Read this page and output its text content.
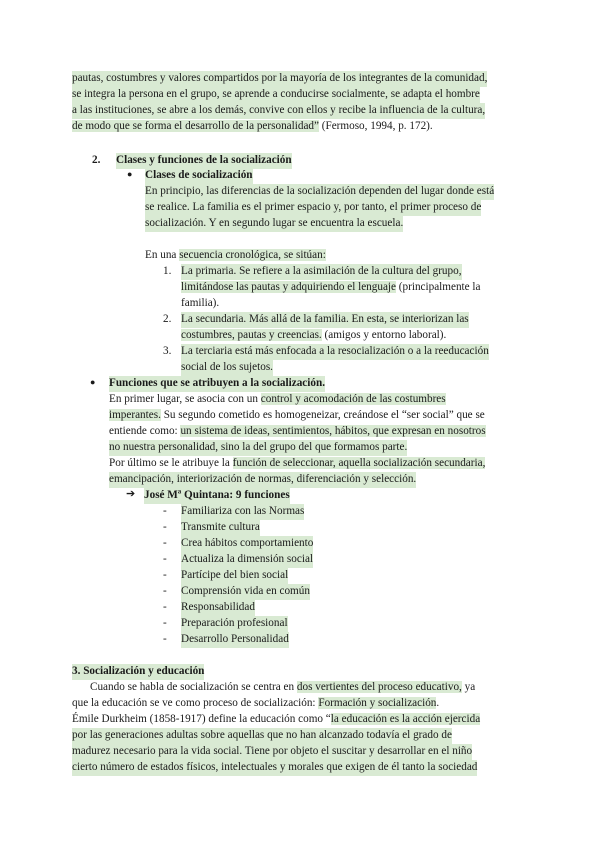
pautas, costumbres y valores compartidos por la mayoría de los integrantes de la comunidad,
se integra la persona en el grupo, se aprende a conducirse socialmente, se adapta el hombre
a las instituciones, se abre a los demás, convive con ellos y recibe la influencia de la cultura,
de modo que se forma el desarrollo de la personalidad” (Fermoso, 1994, p. 172).
2. Clases y funciones de la socialización
● Clases de socialización
En principio, las diferencias de la socialización dependen del lugar donde está
se realice. La familia es el primer espacio y, por tanto, el primer proceso de
socialización. Y en segundo lugar se encuentra la escuela.
En una secuencia cronológica, se sitúan:
1. La primaria. Se refiere a la asimilación de la cultura del grupo,
limitándose las pautas y adquiriendo el lenguaje (principalmente la
familia).
2. La secundaria. Más allá de la familia. En esta, se interiorizan las
costumbres, pautas y creencias. (amigos y entorno laboral).
3. La terciaria está más enfocada a la resocialización o a la reeducación
social de los sujetos.
● Funciones que se atribuyen a la socialización.
En primer lugar, se asocia con un control y acomodación de las costumbres
imperantes. Su segundo cometido es homogeneizar, creándose el “ser social” que se
entiende como: un sistema de ideas, sentimientos, hábitos, que expresan en nosotros
no nuestra personalidad, sino la del grupo del que formamos parte.
Por último se le atribuye la función de seleccionar, aquella socialización secundaria,
emancipación, interiorización de normas, diferenciación y selección.
➔ José Mª Quintana: 9 funciones
- Familiariza con las Normas
- Transmite cultura
- Crea hábitos comportamiento
- Actualiza la dimensión social
- Partícipe del bien social
- Comprensión vida en común
- Responsabilidad
- Preparación profesional
- Desarrollo Personalidad
3. Socialización y educación
Cuando se habla de socialización se centra en dos vertientes del proceso educativo, ya
que la educación se ve como proceso de socialización: Formación y socialización.
Émile Durkheim (1858-1917) define la educación como “la educación es la acción ejercida
por las generaciones adultas sobre aquellas que no han alcanzado todavía el grado de
madurez necesario para la vida social. Tiene por objeto el suscitar y desarrollar en el niño
cierto número de estados físicos, intelectuales y morales que exigen de él tanto la sociedad
